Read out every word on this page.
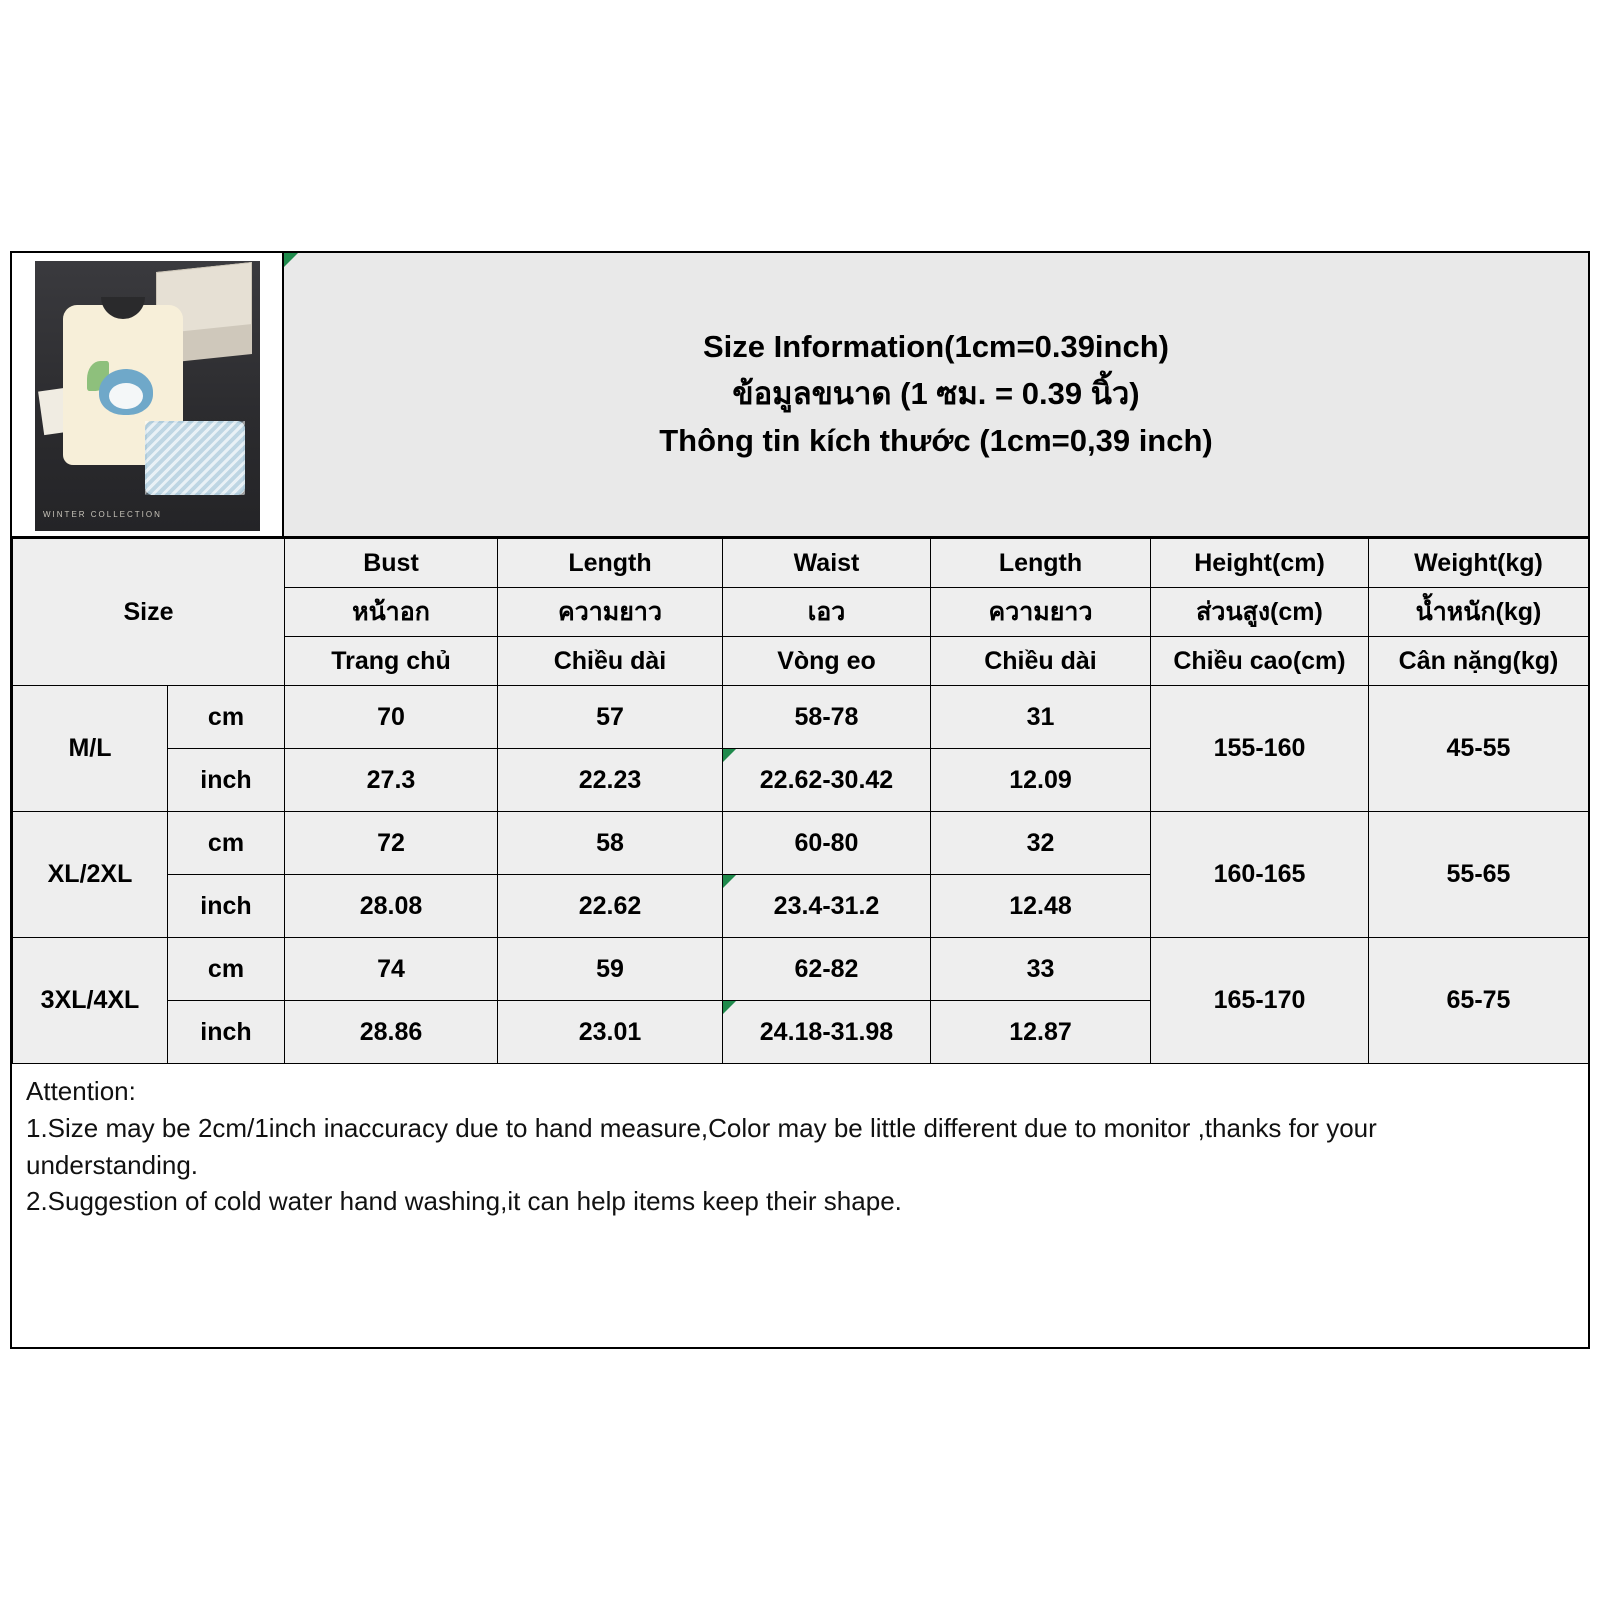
WINTER COLLECTION
Size Information(1cm=0.39inch)
ข้อมูลขนาด (1 ซม. = 0.39 นิ้ว)
Thông tin kích thước (1cm=0,39 inch)
Size		Bust	Length	Waist	Length	Height(cm)	Weight(kg)
		หน้าอก	ความยาว	เอว	ความยาว	ส่วนสูง(cm)	น้ำหนัก(kg)
		Trang chủ	Chiều dài	Vòng eo	Chiều dài	Chiều cao(cm)	Cân nặng(kg)
M/L	cm	70	57	58-78	31	155-160	45-55
	inch	27.3	22.23	22.62-30.42	12.09		
XL/2XL	cm	72	58	60-80	32	160-165	55-65
	inch	28.08	22.62	23.4-31.2	12.48		
3XL/4XL	cm	74	59	62-82	33	165-170	65-75
	inch	28.86	23.01	24.18-31.98	12.87		
Attention:
1.Size may be 2cm/1inch inaccuracy due to hand measure,Color may be little different due to monitor ,thanks for your
understanding.
2.Suggestion of cold water hand washing,it can help items keep their shape.
